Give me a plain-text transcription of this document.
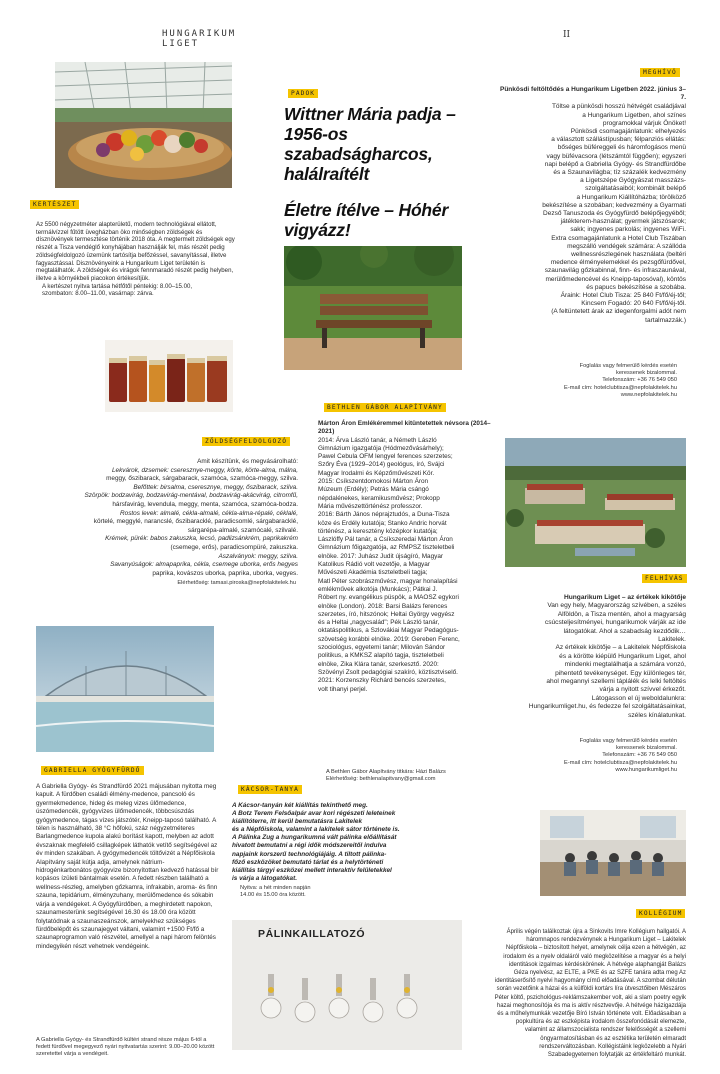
HUNGARIKUM
LIGET
II
KERTÉSZET

Az 5500 négyzetméter alapterületű, modern technológiával ellátott, termálvízzel fűtött üvegházban öko minőségben zöldségek és dísznövények termesztése történik 2018 óta. A megtermelt zöldségek egy részét a Tisza vendéglő konyhájában használják fel, más részét pedig zöldségfeldolgozó üzemünk tartósítja befőzéssel, savanyítással, illetve fagyasztással. Disznövényeink a Hungarikum Liget területén is megtalálhatók. A zöldségek és virágok fennmaradó részét pedig helyben, illetve a környékbeli piacokon értékesítjük.

A kertészet nyitva tartása hétfőtől péntekig: 8.00–15.00,

szombaton: 8.00–11.00, vasárnap: zárva.

PADOK
Wittner Mária padja – 1956-os szabadságharcos, halálraítélt
Életre ítélve – Hóhér vigyázz!
MEGHÍVÓ

Pünkösdi feltöltődés a Hungarikum Ligetben 2022. június 3–7.

Töltse a pünkösdi hosszú hétvégét családjával
a Hungarikum Ligetben, ahol színes
programokkal várjuk Önöket!
Pünkösdi csomagajánlatunk: elhelyezés
a választott szállástípusban; félpanziós ellátás:
bőséges büféreggeli és háromfogásos menü
vagy büfévacsora (létszámtól függően); egyszeri
napi belépő a Gabriella Gyógy- és Strandfürdőbe
és a Szaunavilágba; tíz százalék kedvezmény
a Ligetszépe Gyógyászat masszázs-
szolgáltatásaiból; kombinált belépő
a Hungarikum Kiállítóházba; törölköző
bekészítése a szobában; kedvezmény a Gyarmati
Dezső Tanuszoda és Gyógyfürdő belépőjegyéből;
játékterem-használat; gyermek játszósarok;
sakk; ingyenes parkolás; ingyenes WiFi.
Extra csomagajánlatunk a Hotel Club Tiszában
megszálló vendégek számára: A szállóda
wellnessrészlegének használata (beltéri
medence élményelemekkel és pezsgőfürdővel,
szaunavilág gőzkabinnal, finn- és infraszaunával,
merülőmedencével és Kneipp-taposóval), köntös
és papucs bekészítése a szobába.
Áraink: Hotel Club Tisza: 25 840 Ft/fő/éj-től;
Kincsem Fogadó: 20 640 Ft/fő/éj-től.
(A feltüntetett árak az idegenforgalmi adót nem
tartalmazzák.)
Foglalás vagy felmerülő kérdés esetén
keressenek bizalommal.
Telefonszám: +36 76 549 050
E-mail cím: hotelclubtisza@nepfolakitelek.hu
www.nepfolakitelek.hu
ZÖLDSÉGFELDOLGOZÓ
Amit készítünk, és megvásárolható:
Lekvárok, dzsemek: cseresznye-meggy, körte, körte-alma, málna,
meggy, őszibarack, sárgabarack, szamóca, szamóca-meggy, szilva.
Befőttek: birsalma, cseresznye, meggy, őszibarack, szilva.
Szörpök: bodzavirág, bodzavirág-mentával, bodzavirág-akácvirág, citromfű,
hársfavirág, levendula, meggy, menta, szamóca, szamóca-bodza.
Rostos levek: almalé, cékla-almalé, cékla-alma-répalé, céklalé,
körtelé, meggylé, narancslé, őszibaracklé, paradicsomlé, sárgabaracklé,
sárgarépa-almalé, szamócalé, szilvalé.
Krémek, pürék: babos zakuszka, lecsó, padlizsánkrém, paprikakrém
(csemege, erős), paradicsompüré, zakuszka.
Aszalványok: meggy, szilva.
Savanyúságok: almapaprika, cékla, csemege uborka, erős hegyes
paprika, kovászos uborka, paprika, uborka, vegyes.
Elérhetőség: tamasi.piroska@nepfolakitelek.hu
BETHLEN GÁBOR ALAPÍTVÁNY

Márton Áron Emlékéremmel kitüntetettek névsora (2014–2021)

2014: Árva László tanár, a Németh László
Gimnázium igazgatója (Hódmezővásárhely);
Pawel Cebula OFM lengyel ferences szerzetes;
Szőry Éva (1929–2014) geológus, író, Svájci
Magyar Irodalmi és Képzőművészeti Kör.
2015: Csíkszentdomokosi Márton Áron
Múzeum (Erdély); Petrás Mária csángó
népdalénekes, keramikusművész; Prokopp
Mária művészettörténész professzor.
2016: Bárth János néprajztudós, a Duna-Tisza
köze és Erdély kutatója; Stanko Andric horvát
történész, a keresztény középkor kutatója;
Lászlóffy Pál tanár, a Csíkszeredai Márton Áron
Gimnázium főigazgatója, az RMPSZ tiszteletbeli
elnöke. 2017: Juhász Judit újságíró, Magyar
Katolikus Rádió volt vezetője, a Magyar
Művészeti Akadémia tiszteletbeli tagja;
Matl Péter szobrászművész, magyar honalapítási
emlékművek alkotója (Munkács); Pátkai J.
Róbert ny. evangélikus püspök, a MAOSZ egykori
elnöke (London). 2018: Barsi Balázs ferences
szerzetes, író, hitszónok; Heltai György vegyész
és a Heltai „nagycsalád"; Pék László tanár,
oktatáspolitikus, a Szlovákiai Magyar Pedagógus-
szövetség korábbi elnöke. 2019: Gereben Ferenc,
szociológus, egyetemi tanár; Milován Sándor
politikus, a KMKSZ alapító tagja, tiszteletbeli
elnöke, Zika Klára tanár, szerkesztő. 2020:
Szövényi Zsolt pedagógiai szakíró, köztisztviselő.
2021: Korzenszky Richárd bencés szerzetes,
volt tihanyi perjel.
A Bethlen Gábor Alapítvány titkára: Házi Balázs
Elérhetőség: bethlenalapitvany@gmail.com
FELHÍVÁS

Hungarikum Liget – az értékek kikötője

Van egy hely, Magyarország szívében, a széles
Alföldön, a Tisza mentén, ahol a magyarság
csúcsteljesítményei, hungarikumok várják az ide
látogatókat. Ahol a szabadság kezdődik…
Lakitelek.
Az értékek kikötője – a Lakitelek Népfőiskola
és a körötte kiépülő Hungarikum Liget, ahol
mindenki megtalálhatja a számára vonzó,
pihentető tevékenységet. Egy különleges tér,
ahol megannyi szellemi táplálék és lelki feltöltés
várja a nyitott szívvel érkezőt.
Látogasson el új weboldalunkra:
Hungarikumliget.hu, és fedezze fel szolgáltatásainkat,
széles kínálatunkat.
Foglalás vagy felmerülő kérdés esetén
keressenek bizalommal.
Telefonszám: +36 76 549 050
E-mail cím: hotelclubtisza@nepfolakitelek.hu
www.hungarikumliget.hu
GABRIELLA GYÓGYFÜRDŐ
A Gabriella Gyógy- és Strandfürdő 2021 májusában nyitotta meg kapuit. A fürdőben családi élmény-medence, pancsoló és gyermekmedence, hideg és meleg vizes ülőmedence, úszómedencék, gyógyvizes ülőmedencék, többcsúszdás gyógymedence, tágas vízes játszótér, Kneipp-taposó található. A télen is használható, 38 °C hőfokú, száz négyzetméteres Barlangmedence kupola alakú borítást kapott, melyben az adott évszaknak megfelelő csillagképek láthatók vetítő segítségével az év minden szakában. A gyógymedencék töltővizét a Népfőiskola Alapítvány saját kútja adja, amelynek nátrium-hidrogénkarbonátos gyógyvize bizonyítottan kedvező hatással bír kopásos ízületi bántalmak esetén. A fedett részben található a wellness-részleg, amelyben gőzkamra, infrakabin, aroma- és finn szauna, tepidárium, élményzuhany, merülőmedence és sókabin várja a vendégeket. A Gyógyfürdőben, a meghirdetett napokon, szaunamesterünk segítségével 16.30 és 18.00 óra között folytatódnak a szaunaszeánszok, amelyekhez szükséges fürdőbelépőt és szaunajegyet váltani, valamint +1500 Ft/fő a szaunaprogramon való részvétel, amellyel a napi három felöntés mindegyikén részt vehetnek vendégeink.
A Gabriella Gyógy- és Strandfürdő kültéri strand része május 6-tól a fedett fürdővel megegyező nyári nyitvatartás szerint: 9.00–20.00 között szeretettel várja a vendégeit.
KÁCSOR-TANYA
A Kácsor-tanyán két kiállítás tekinthető meg.
A Botz Terem Felsőalpár avar kori régészeti leleteinek
kiállítóterre, itt kerül bemutatásra Lakitelek
és a Népfőiskola, valamint a lakitelek sátor története is.
A Pálinka Zug a hungarikumná vált pálinka előállítását
hivatott bemutatni a régi idők módszereitől indulva
napjaink korszerű technológiájáig. A tiltott pálinka-
főző eszközöket bemutató tárlat és a helytörténeti
kiállítás tárgyi eszközei mellett interaktív felületekkel
is várja a látogatókat.
Nyitva: a hét minden napján
14.00 és 15.00 óra között.
PÁLINKAILLATOZÓ
KOLLÉGIUM
Április végén találkoztak újra a Sinkovits Imre Kollégium hallgatói. A háromnapos rendezvénynek a Hungarikum Liget – Lakitelek Népfőiskola – biztosított helyet, amelynek célja ezen a hétvégén, az irodalom és a nyelv oldaláról való megközelítése a magyar és a helyi identitások izgalmas kérdéskörének. A hétvége alaphangját Balázs Géza nyelvész, az ELTE, a PKE és az SZFE tanára adta meg Az identitáserősítő nyelvi hagyomány című előadásával. A szombat délután során vezetőink a házai és a külföldi kortárs líra útvesztőiben Mészáros Péter költő, pszichológus-reklámszakember volt, aki a slam poetry egyik hazai meghonosítója és ma is aktív résztvevője. A hétvége házigazdája és a műhelymunkák vezetője Bíró István története volt. Előadásaiban a popkultúra és az eszképista irodalom összefonódását elemezte, valamint az államszocialista rendszer felelősségét a szellemi öngyarmatosításban és az esztétika területén elmaradt rendszerváltozásban. Kollégistáink legközelebb a Nyári Szabadegyetemen folytatják az értékfeltáró munkát.
